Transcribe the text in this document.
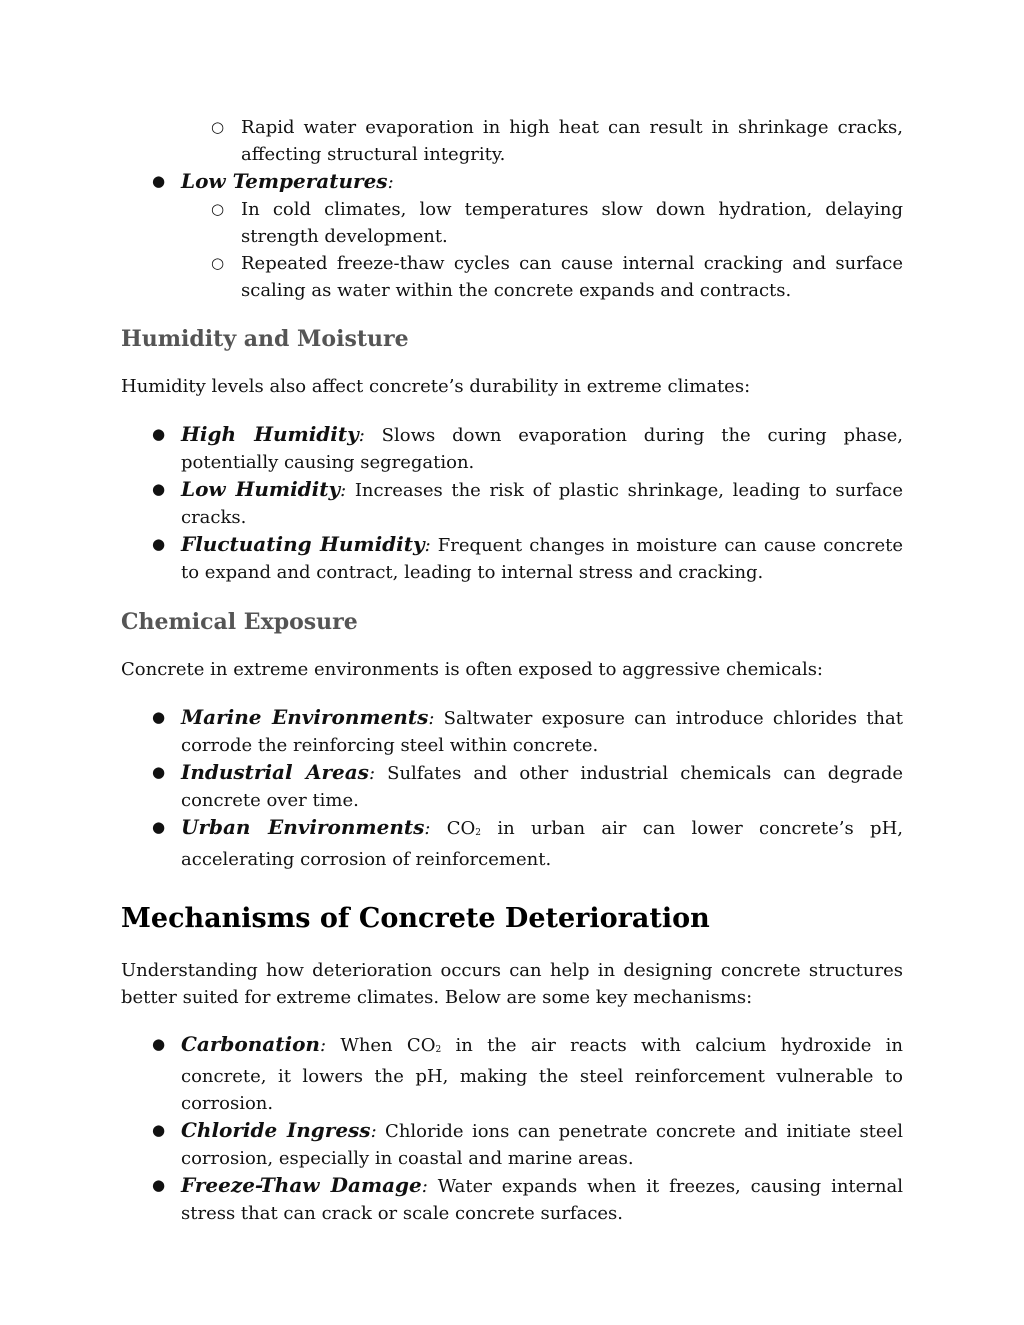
○ Rapid water evaporation in high heat can result in shrinkage cracks, affecting structural integrity.
● Low Temperatures:
○ In cold climates, low temperatures slow down hydration, delaying strength development.
○ Repeated freeze-thaw cycles can cause internal cracking and surface scaling as water within the concrete expands and contracts.
Humidity and Moisture

Humidity levels also affect concrete’s durability in extreme climates:

● High Humidity: Slows down evaporation during the curing phase, potentially causing segregation.
● Low Humidity: Increases the risk of plastic shrinkage, leading to surface cracks.
● Fluctuating Humidity: Frequent changes in moisture can cause concrete to expand and contract, leading to internal stress and cracking.
Chemical Exposure

Concrete in extreme environments is often exposed to aggressive chemicals:

● Marine Environments: Saltwater exposure can introduce chlorides that corrode the reinforcing steel within concrete.
● Industrial Areas: Sulfates and other industrial chemicals can degrade concrete over time.
● Urban Environments: $CO_2$ in urban air can lower concrete’s pH, accelerating corrosion of reinforcement.
Mechanisms of Concrete Deterioration

Understanding how deterioration occurs can help in designing concrete structures better suited for extreme climates. Below are some key mechanisms:

● Carbonation: When $CO_2$ in the air reacts with calcium hydroxide in concrete, it lowers the pH, making the steel reinforcement vulnerable to corrosion.
● Chloride Ingress: Chloride ions can penetrate concrete and initiate steel corrosion, especially in coastal and marine areas.
● Freeze-Thaw Damage: Water expands when it freezes, causing internal stress that can crack or scale concrete surfaces.
